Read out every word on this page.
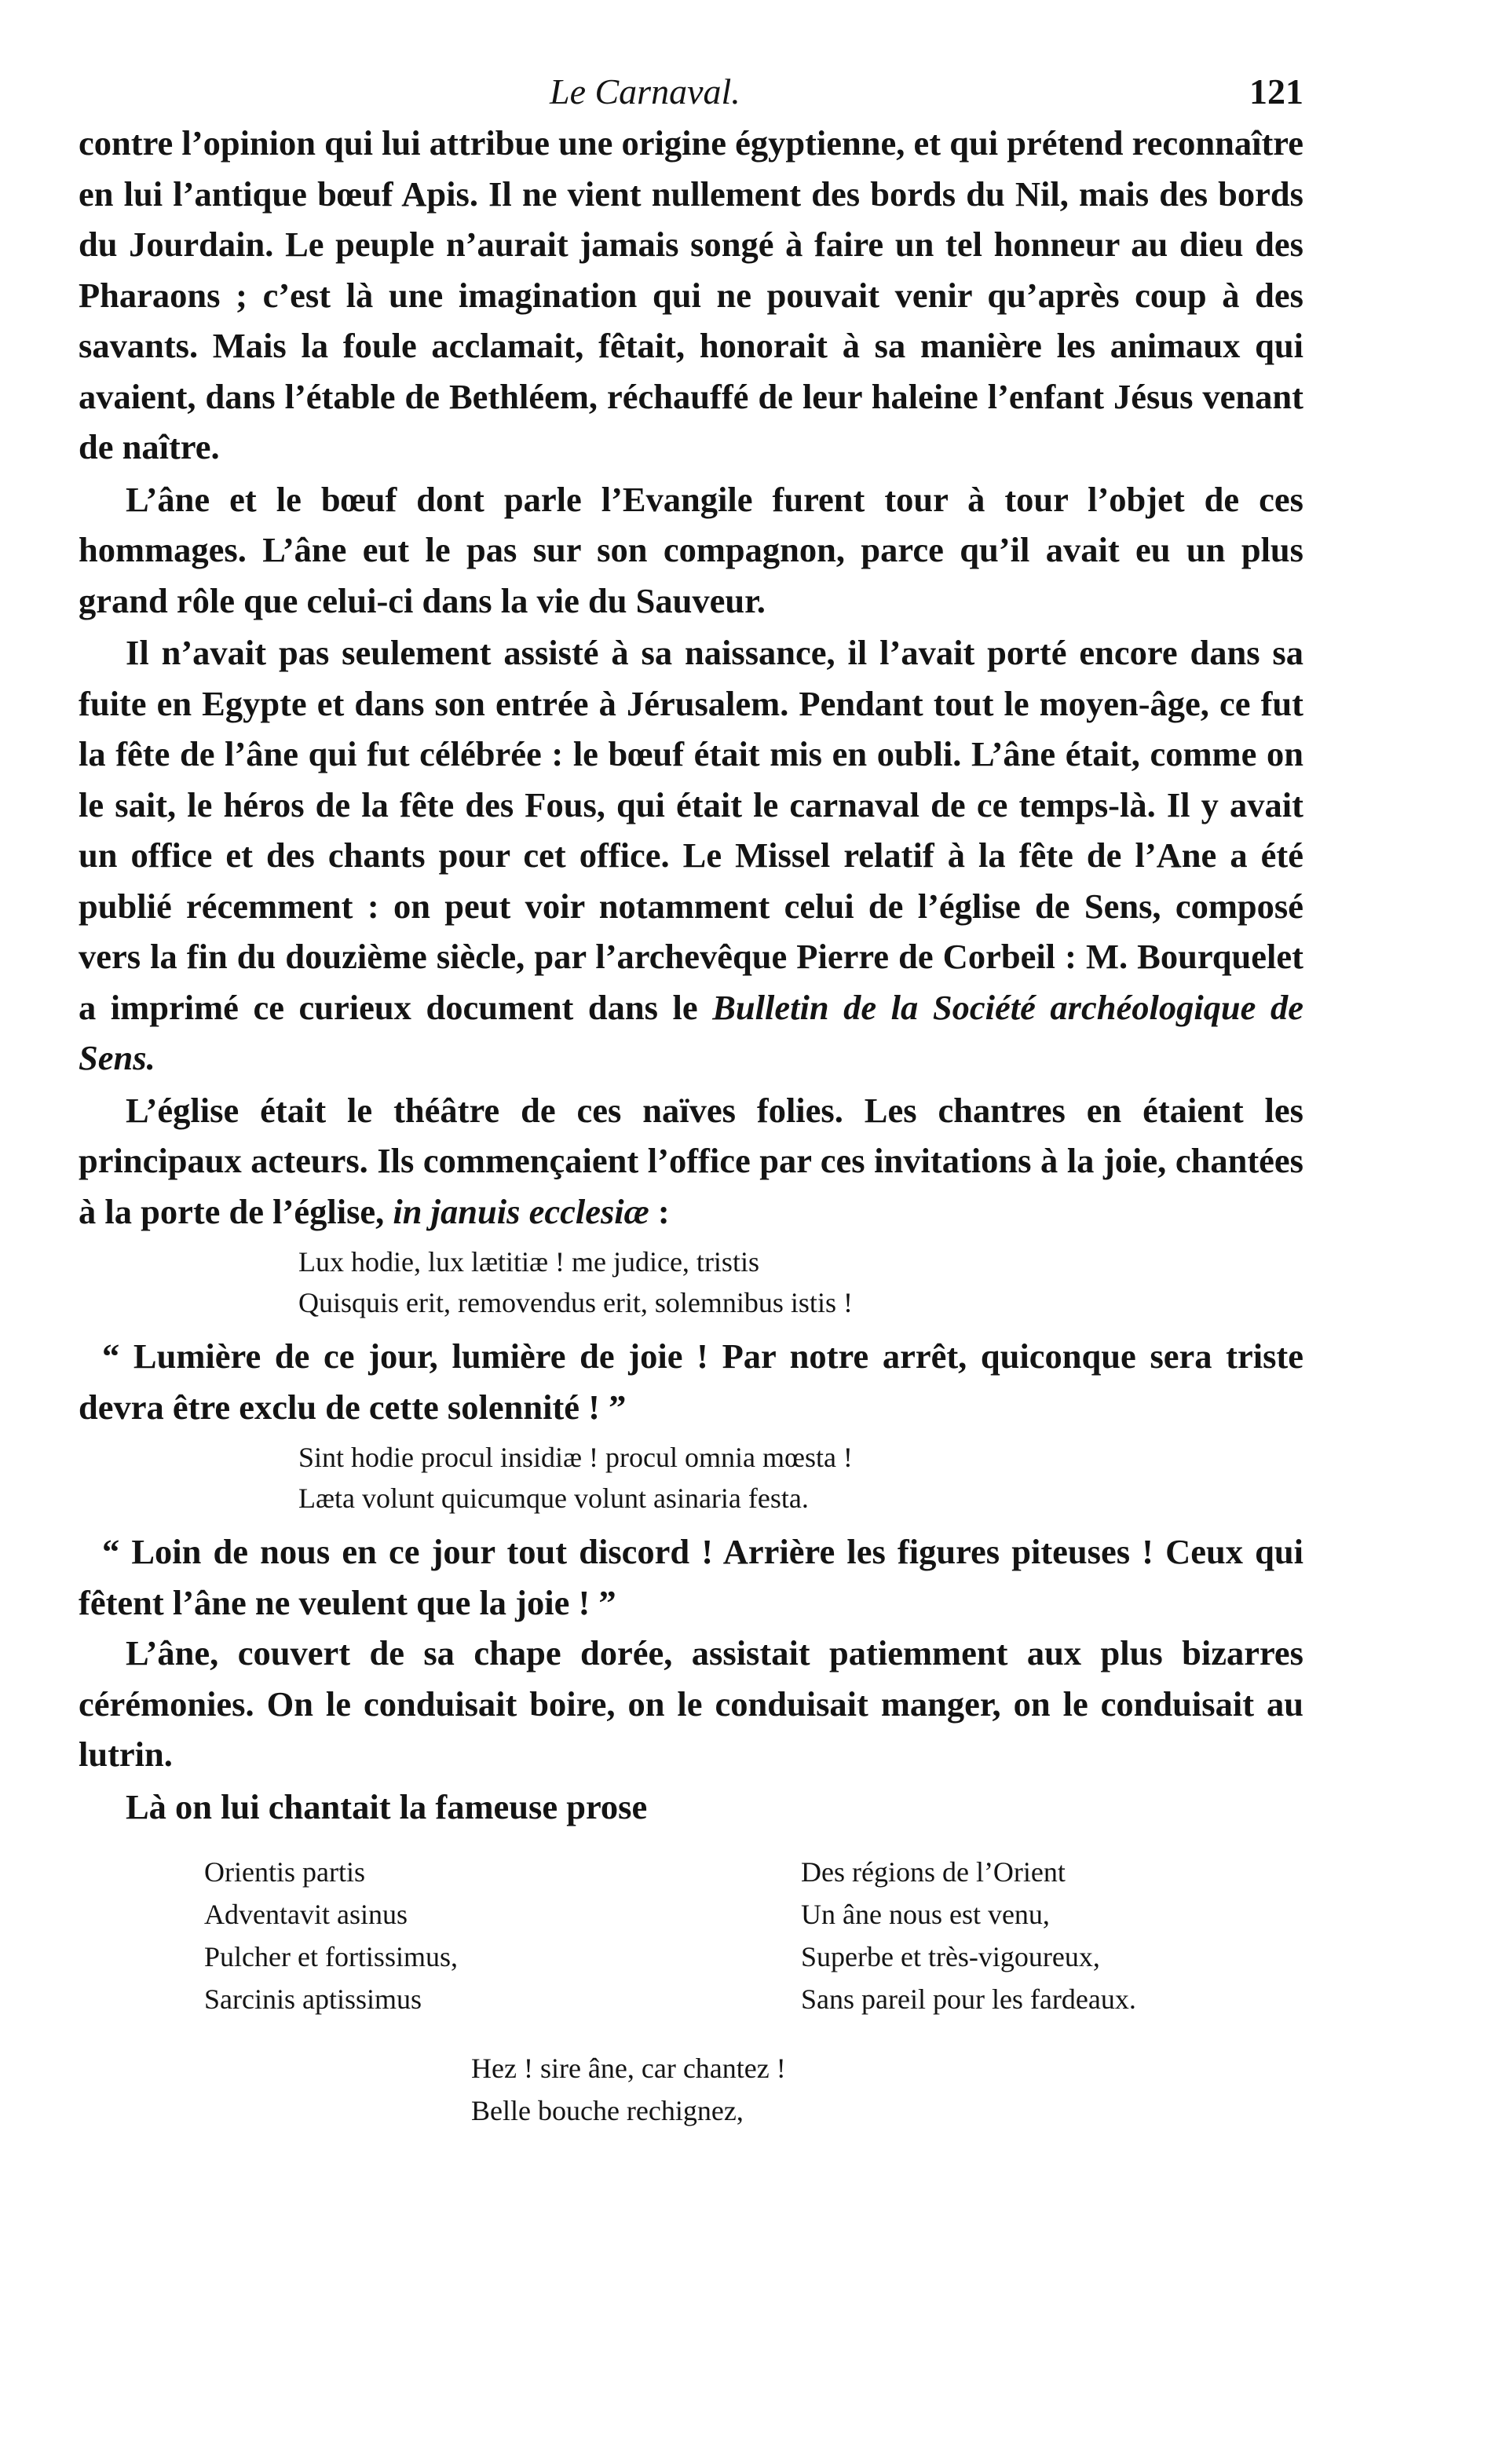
Le Carnaval.	121

contre l’opinion qui lui attribue une origine égyptienne, et qui prétend reconnaître en lui l’antique bœuf Apis. Il ne vient nullement des bords du Nil, mais des bords du Jourdain. Le peuple n’aurait jamais songé à faire un tel honneur au dieu des Pharaons ; c’est là une imagination qui ne pouvait venir qu’après coup à des savants. Mais la foule acclamait, fêtait, honorait à sa manière les animaux qui avaient, dans l’étable de Bethléem, réchauffé de leur haleine l’enfant Jésus venant de naître.

L’âne et le bœuf dont parle l’Evangile furent tour à tour l’objet de ces hommages. L’âne eut le pas sur son compagnon, parce qu’il avait eu un plus grand rôle que celui-ci dans la vie du Sauveur.

Il n’avait pas seulement assisté à sa naissance, il l’avait porté encore dans sa fuite en Egypte et dans son entrée à Jérusalem. Pendant tout le moyen-âge, ce fut la fête de l’âne qui fut célébrée : le bœuf était mis en oubli. L’âne était, comme on le sait, le héros de la fête des Fous, qui était le carnaval de ce temps-là. Il y avait un office et des chants pour cet office. Le Missel relatif à la fête de l’Ane a été publié récemment : on peut voir notamment celui de l’église de Sens, composé vers la fin du douzième siècle, par l’archevêque Pierre de Corbeil : M. Bourquelet a imprimé ce curieux document dans le Bulletin de la Société archéologique de Sens.

L’église était le théâtre de ces naïves folies. Les chantres en étaient les principaux acteurs. Ils commençaient l’office par ces invitations à la joie, chantées à la porte de l’église, in januis ecclesiæ :

Lux hodie, lux lætitiæ ! me judice, tristis
Quisquis erit, removendus erit, solemnibus istis !

“ Lumière de ce jour, lumière de joie ! Par notre arrêt, quiconque sera triste devra être exclu de cette solennité ! ”

Sint hodie procul insidiæ ! procul omnia mœsta !
Læta volunt quicumque volunt asinaria festa.

“ Loin de nous en ce jour tout discord ! Arrière les figures piteuses ! Ceux qui fêtent l’âne ne veulent que la joie ! ”

L’âne, couvert de sa chape dorée, assistait patiemment aux plus bizarres cérémonies. On le conduisait boire, on le conduisait manger, on le conduisait au lutrin.

Là on lui chantait la fameuse prose

Orientis partis
Adventavit asinus
Pulcher et fortissimus,
Sarcinis aptissimus
Des régions de l’Orient
Un âne nous est venu,
Superbe et très-vigoureux,
Sans pareil pour les fardeaux.
Hez ! sire âne, car chantez !
Belle bouche rechignez,
